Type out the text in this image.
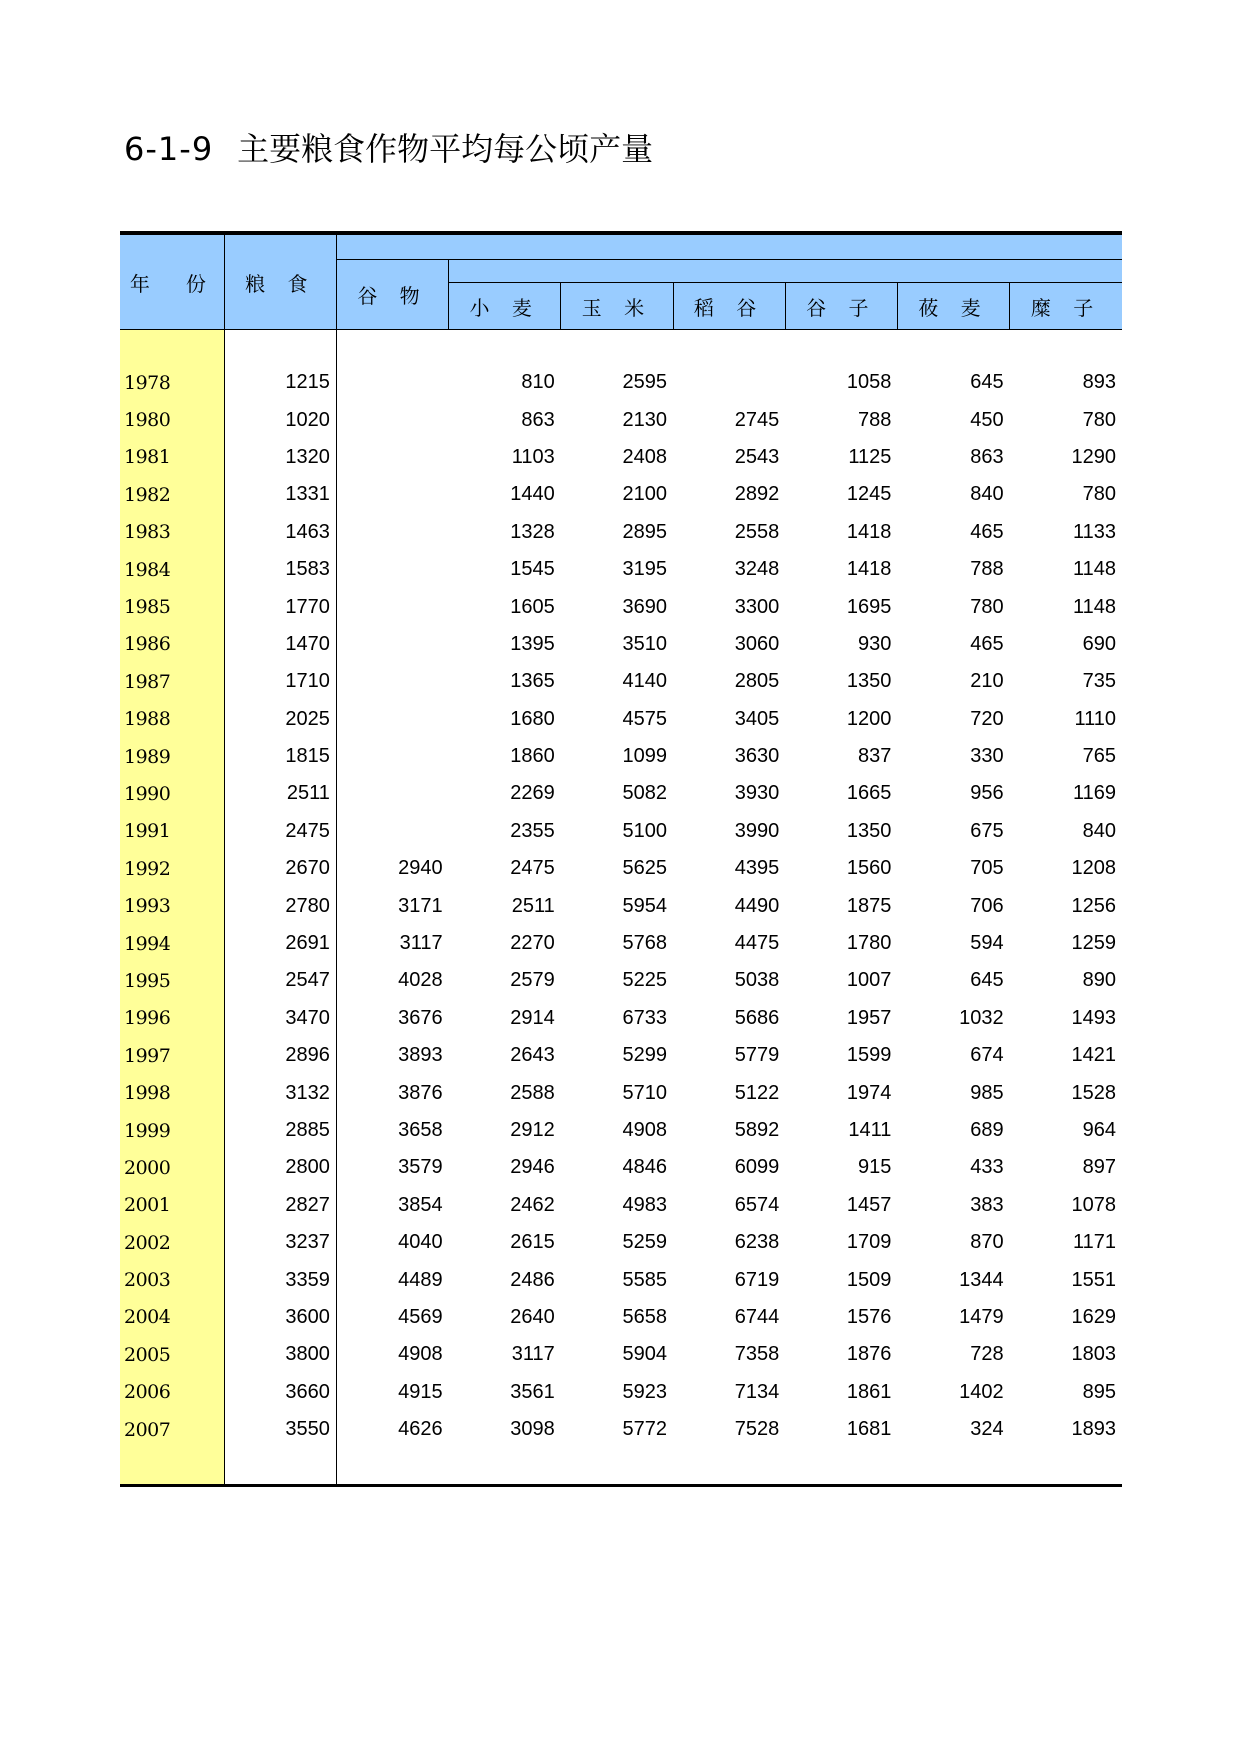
6-1-9 主要粮食作物平均每公顷产量
年　份	粮 食							
		谷 物						
			小 麦	玉 米	稻 谷	谷 子	莜 麦	糜 子

1978	1215		810	2595		1058	645	893
1980	1020		863	2130	2745	788	450	780
1981	1320		1103	2408	2543	1125	863	1290
1982	1331		1440	2100	2892	1245	840	780
1983	1463		1328	2895	2558	1418	465	1133
1984	1583		1545	3195	3248	1418	788	1148
1985	1770		1605	3690	3300	1695	780	1148
1986	1470		1395	3510	3060	930	465	690
1987	1710		1365	4140	2805	1350	210	735
1988	2025		1680	4575	3405	1200	720	1110
1989	1815		1860	1099	3630	837	330	765
1990	2511		2269	5082	3930	1665	956	1169
1991	2475		2355	5100	3990	1350	675	840
1992	2670	2940	2475	5625	4395	1560	705	1208
1993	2780	3171	2511	5954	4490	1875	706	1256
1994	2691	3117	2270	5768	4475	1780	594	1259
1995	2547	4028	2579	5225	5038	1007	645	890
1996	3470	3676	2914	6733	5686	1957	1032	1493
1997	2896	3893	2643	5299	5779	1599	674	1421
1998	3132	3876	2588	5710	5122	1974	985	1528
1999	2885	3658	2912	4908	5892	1411	689	964
2000	2800	3579	2946	4846	6099	915	433	897
2001	2827	3854	2462	4983	6574	1457	383	1078
2002	3237	4040	2615	5259	6238	1709	870	1171
2003	3359	4489	2486	5585	6719	1509	1344	1551
2004	3600	4569	2640	5658	6744	1576	1479	1629
2005	3800	4908	3117	5904	7358	1876	728	1803
2006	3660	4915	3561	5923	7134	1861	1402	895
2007	3550	4626	3098	5772	7528	1681	324	1893
